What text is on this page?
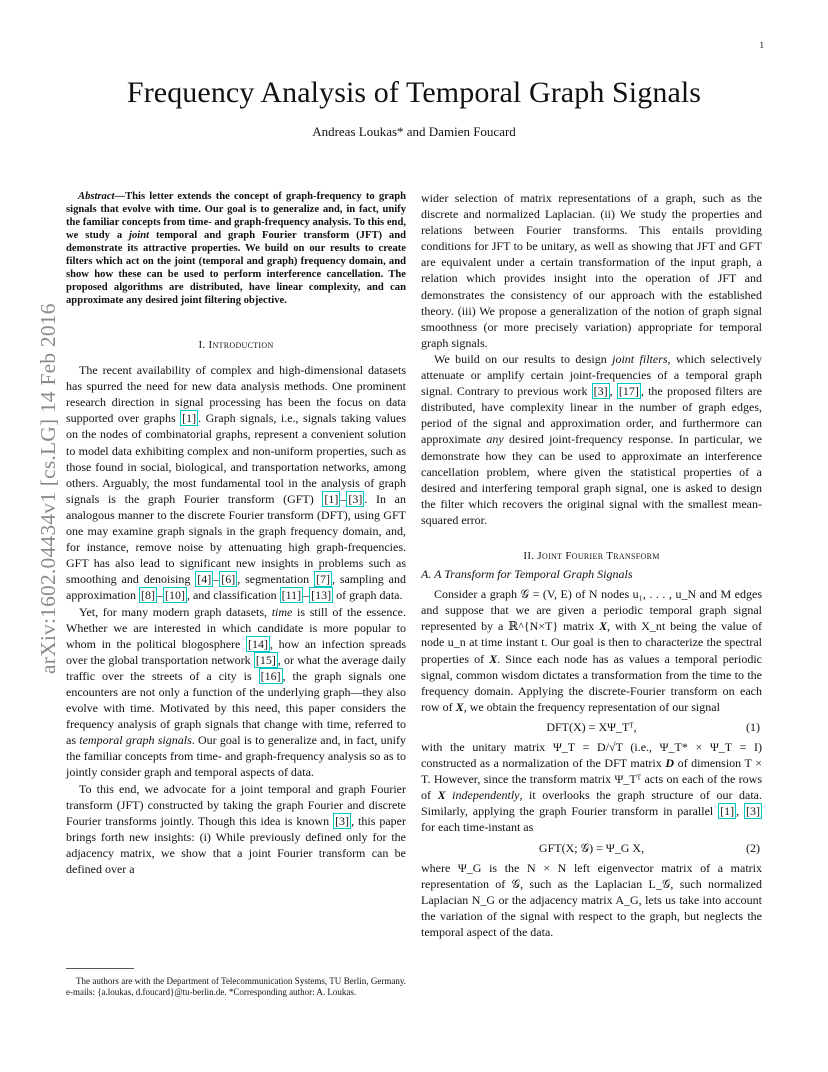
1
arXiv:1602.04434v1 [cs.LG] 14 Feb 2016
Frequency Analysis of Temporal Graph Signals
Andreas Loukas* and Damien Foucard

Abstract—This letter extends the concept of graph-frequency to graph signals that evolve with time. Our goal is to generalize and, in fact, unify the familiar concepts from time- and graph-frequency analysis. To this end, we study a joint temporal and graph Fourier transform (JFT) and demonstrate its attractive properties. We build on our results to create filters which act on the joint (temporal and graph) frequency domain, and show how these can be used to perform interference cancellation. The proposed algorithms are distributed, have linear complexity, and can approximate any desired joint filtering objective.

I. Introduction

The recent availability of complex and high-dimensional datasets has spurred the need for new data analysis methods. One prominent research direction in signal processing has been the focus on data supported over graphs [1] . Graph signals, i.e., signals taking values on the nodes of combinatorial graphs, represent a convenient solution to model data exhibiting complex and non-uniform properties, such as those found in social, biological, and transportation networks, among others. Arguably, the most fundamental tool in the analysis of graph signals is the graph Fourier transform (GFT) [1] – [3] . In an analogous manner to the discrete Fourier transform (DFT), using GFT one may examine graph signals in the graph frequency domain, and, for instance, remove noise by attenuating high graph-frequencies. GFT has also lead to significant new insights in problems such as smoothing and denoising [4] – [6] , segmentation [7] , sampling and approximation [8] – [10] , and classification [11] – [13] of graph data.

Yet, for many modern graph datasets, time is still of the essence. Whether we are interested in which candidate is more popular to whom in the political blogosphere [14] , how an infection spreads over the global transportation network [15] , or what the average daily traffic over the streets of a city is [16] , the graph signals one encounters are not only a function of the underlying graph—they also evolve with time. Motivated by this need, this paper considers the frequency analysis of graph signals that change with time, referred to as temporal graph signals. Our goal is to generalize and, in fact, unify the familiar concepts from time- and graph-frequency analysis so as to jointly consider graph and temporal aspects of data.

To this end, we advocate for a joint temporal and graph Fourier transform (JFT) constructed by taking the graph Fourier and discrete Fourier transforms jointly. Though this idea is known [3] , this paper brings forth new insights: (i) While previously defined only for the adjacency matrix, we show that a joint Fourier transform can be defined over a

The authors are with the Department of Telecommunication Systems, TU Berlin, Germany. e-mails: {a.loukas, d.foucard}@tu-berlin.de. *Corresponding author: A. Loukas.

wider selection of matrix representations of a graph, such as the discrete and normalized Laplacian. (ii) We study the properties and relations between Fourier transforms. This entails providing conditions for JFT to be unitary, as well as showing that JFT and GFT are equivalent under a certain transformation of the input graph, a relation which provides insight into the operation of JFT and demonstrates the consistency of our approach with the established theory. (iii) We propose a generalization of the notion of graph signal smoothness (or more precisely variation) appropriate for temporal graph signals.

We build on our results to design joint filters, which selectively attenuate or amplify certain joint-frequencies of a temporal graph signal. Contrary to previous work [3] , [17] , the proposed filters are distributed, have complexity linear in the number of graph edges, period of the signal and approximation order, and furthermore can approximate any desired joint-frequency response. In particular, we demonstrate how they can be used to approximate an interference cancellation problem, where given the statistical properties of a desired and interfering temporal graph signal, one is asked to design the filter which recovers the original signal with the smallest mean-squared error.

II. Joint Fourier Transform
A. A Transform for Temporal Graph Signals

Consider a graph 𝒢 = (V, E) of N nodes u₁, . . . , u_N and M edges and suppose that we are given a periodic temporal graph signal represented by a ℝ^{N×T} matrix X, with X_nt being the value of node u_n at time instant t. Our goal is then to characterize the spectral properties of X. Since each node has as values a temporal periodic signal, common wisdom dictates a transformation from the time to the frequency domain. Applying the discrete-Fourier transform on each row of X, we obtain the frequency representation of our signal

DFT(X) = XΨ_Tᵀ,	(1)

with the unitary matrix Ψ_T = D/√T (i.e., Ψ_T* × Ψ_T = I) constructed as a normalization of the DFT matrix D of dimension T × T. However, since the transform matrix Ψ_Tᵀ acts on each of the rows of X independently, it overlooks the graph structure of our data. Similarly, applying the graph Fourier transform in parallel [1] , [3] for each time-instant as

GFT(X; 𝒢) = Ψ_G X,	(2)

where Ψ_G is the N × N left eigenvector matrix of a matrix representation of 𝒢, such as the Laplacian L_𝒢, such normalized Laplacian N_G or the adjacency matrix A_G, lets us take into account the variation of the signal with respect to the graph, but neglects the temporal aspect of the data.
